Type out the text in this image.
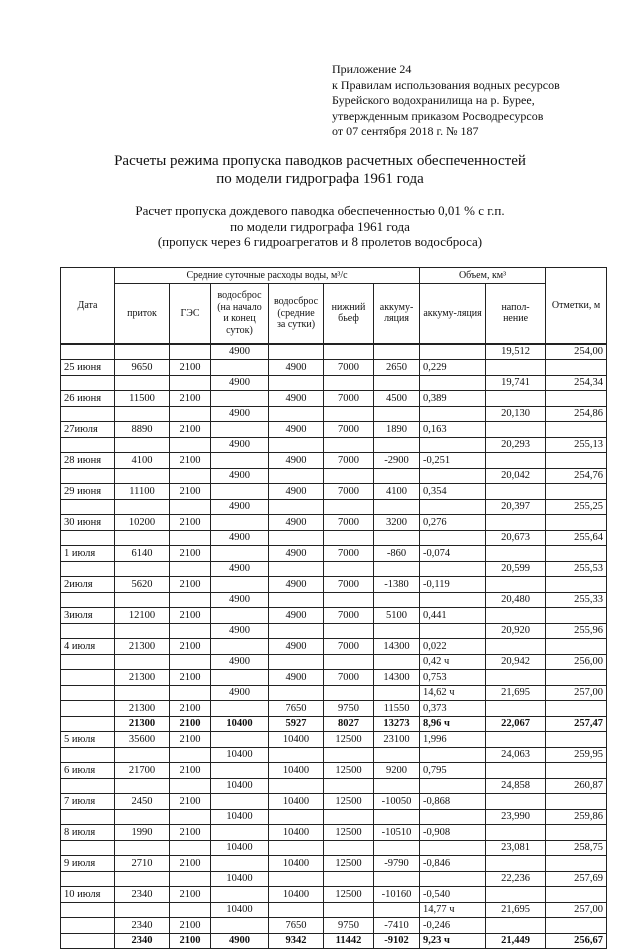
Приложение 24
к Правилам использования водных ресурсов
Бурейского водохранилища на р. Бурее,
утвержденным приказом Росводресурсов
от 07 сентября 2018 г. № 187
Расчеты режима пропуска паводков расчетных обеспеченностей
по модели гидрографа 1961 года
Расчет пропуска дождевого паводка обеспеченностью 0,01 % с г.п.
по модели гидрографа 1961 года
(пропуск через 6 гидроагрегатов и 8 пролетов водосброса)
Дата	Средние суточные расходы воды, м³/с						Объем, км³		Отметки, м
	приток	ГЭС	водосброс (на начало и конец суток)	водосброс (средние за сутки)	нижний бьеф	аккуму-ляция	аккуму-ляция	напол-нение	
			4900					19,512	254,00
25 июня	9650	2100		4900	7000	2650	0,229		
			4900					19,741	254,34
26 июня	11500	2100		4900	7000	4500	0,389		
			4900					20,130	254,86
27июля	8890	2100		4900	7000	1890	0,163		
			4900					20,293	255,13
28 июня	4100	2100		4900	7000	-2900	-0,251		
			4900					20,042	254,76
29 июня	11100	2100		4900	7000	4100	0,354		
			4900					20,397	255,25
30 июня	10200	2100		4900	7000	3200	0,276		
			4900					20,673	255,64
1 июля	6140	2100		4900	7000	-860	-0,074		
			4900					20,599	255,53
2июля	5620	2100		4900	7000	-1380	-0,119		
			4900					20,480	255,33
3июля	12100	2100		4900	7000	5100	0,441		
			4900					20,920	255,96
4 июля	21300	2100		4900	7000	14300	0,022		
			4900				0,42 ч	20,942	256,00
	21300	2100		4900	7000	14300	0,753		
			4900				14,62 ч	21,695	257,00
	21300	2100		7650	9750	11550	0,373		
	21300	2100	10400	5927	8027	13273	8,96 ч	22,067	257,47
5 июля	35600	2100		10400	12500	23100	1,996		
			10400					24,063	259,95
6 июля	21700	2100		10400	12500	9200	0,795		
			10400					24,858	260,87
7 июля	2450	2100		10400	12500	-10050	-0,868		
			10400					23,990	259,86
8 июля	1990	2100		10400	12500	-10510	-0,908		
			10400					23,081	258,75
9 июля	2710	2100		10400	12500	-9790	-0,846		
			10400					22,236	257,69
10 июля	2340	2100		10400	12500	-10160	-0,540		
			10400				14,77 ч	21,695	257,00
	2340	2100		7650	9750	-7410	-0,246		
	2340	2100	4900	9342	11442	-9102	9,23 ч	21,449	256,67
